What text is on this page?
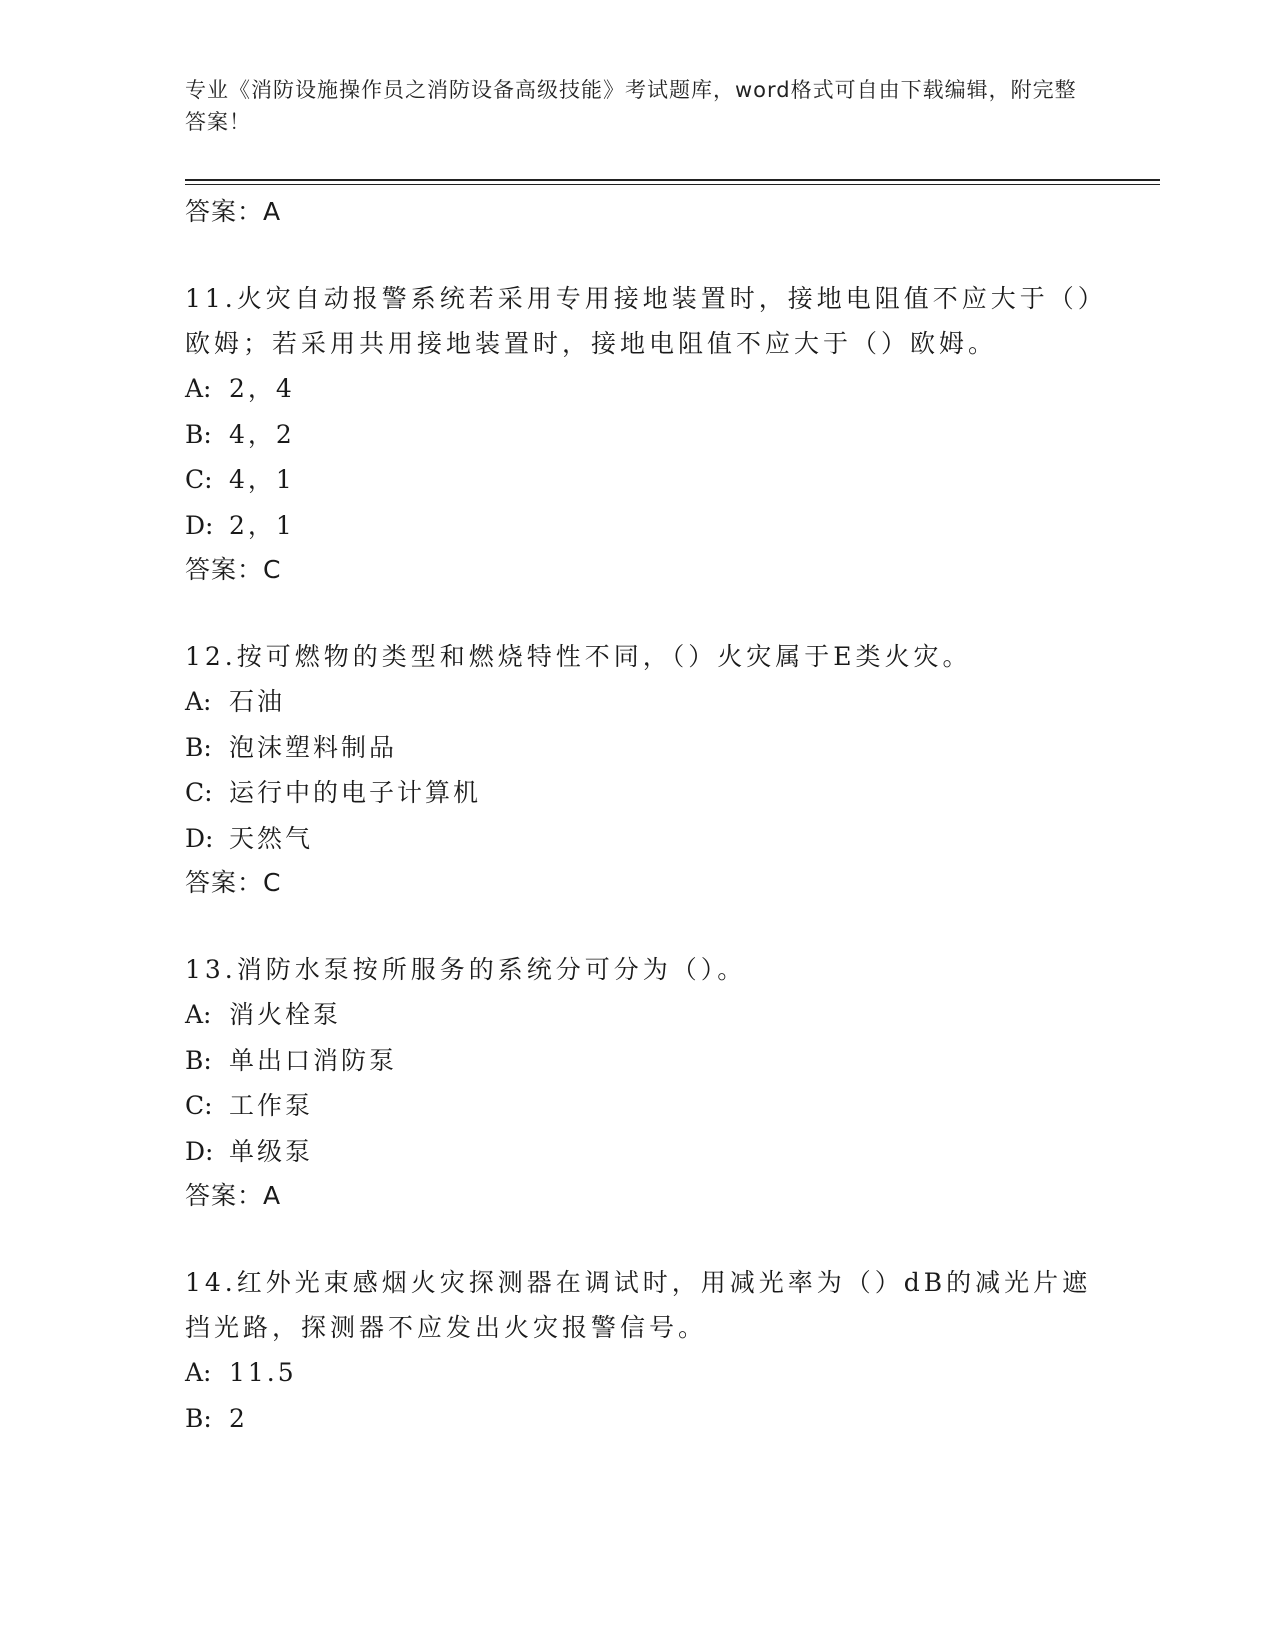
专业《消防设施操作员之消防设备高级技能》考试题库，word格式可自由下载编辑，附完整答案！
答案：A
11.火灾自动报警系统若采用专用接地装置时，接地电阻值不应大于（）欧姆；若采用共用接地装置时，接地电阻值不应大于（）欧姆。
A: 2，4
B: 4，2
C: 4，1
D: 2，1
答案：C
12.按可燃物的类型和燃烧特性不同，（）火灾属于E类火灾。
A: 石油
B: 泡沫塑料制品
C: 运行中的电子计算机
D: 天然气
答案：C
13.消防水泵按所服务的系统分可分为（）。
A: 消火栓泵
B: 单出口消防泵
C: 工作泵
D: 单级泵
答案：A
14.红外光束感烟火灾探测器在调试时，用减光率为（）dB的减光片遮挡光路，探测器不应发出火灾报警信号。
A: 11.5
B: 2
